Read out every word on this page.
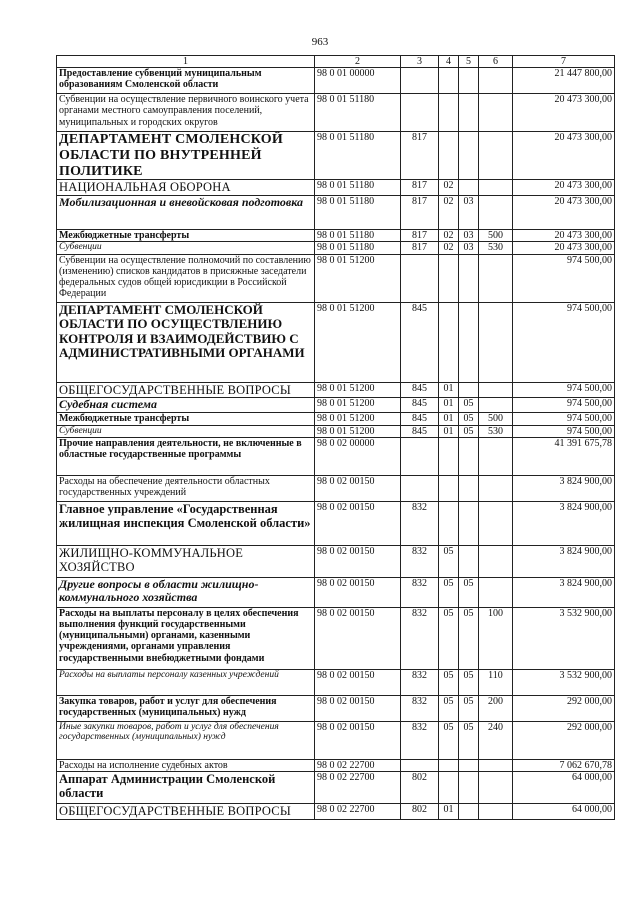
963
1	2	3	4	5	6	7
Предоставление субвенций муниципальным образованиям Смоленской области	98 0 01 00000					21 447 800,00
Субвенции на осуществление первичного воинского учета органами местного самоуправления поселений, муниципальных и городских округов	98 0 01 51180					20 473 300,00
ДЕПАРТАМЕНТ СМОЛЕНСКОЙ ОБЛАСТИ ПО ВНУТРЕННЕЙ ПОЛИТИКЕ	98 0 01 51180	817				20 473 300,00
НАЦИОНАЛЬНАЯ ОБОРОНА	98 0 01 51180	817	02			20 473 300,00
Мобилизационная и вневойсковая подготовка	98 0 01 51180	817	02	03		20 473 300,00
Межбюджетные трансферты	98 0 01 51180	817	02	03	500	20 473 300,00
Субвенции	98 0 01 51180	817	02	03	530	20 473 300,00
Субвенции на осуществление полномочий по составлению (изменению) списков кандидатов в присяжные заседатели федеральных судов общей юрисдикции в Российской Федерации	98 0 01 51200					974 500,00
ДЕПАРТАМЕНТ СМОЛЕНСКОЙ ОБЛАСТИ ПО ОСУЩЕСТВЛЕНИЮ КОНТРОЛЯ И ВЗАИМОДЕЙСТВИЮ С АДМИНИСТРАТИВНЫМИ ОРГАНАМИ	98 0 01 51200	845				974 500,00
ОБЩЕГОСУДАРСТВЕННЫЕ ВОПРОСЫ	98 0 01 51200	845	01			974 500,00
Судебная система	98 0 01 51200	845	01	05		974 500,00
Межбюджетные трансферты	98 0 01 51200	845	01	05	500	974 500,00
Субвенции	98 0 01 51200	845	01	05	530	974 500,00
Прочие направления деятельности, не включенные в областные государственные программы	98 0 02 00000					41 391 675,78
Расходы на обеспечение деятельности областных государственных учреждений	98 0 02 00150					3 824 900,00
Главное управление «Государственная жилищная инспекция Смоленской области»	98 0 02 00150	832				3 824 900,00
ЖИЛИЩНО-КОММУНАЛЬНОЕ ХОЗЯЙСТВО	98 0 02 00150	832	05			3 824 900,00
Другие вопросы в области жилищно-коммунального хозяйства	98 0 02 00150	832	05	05		3 824 900,00
Расходы на выплаты персоналу в целях обеспечения выполнения функций государственными (муниципальными) органами, казенными учреждениями, органами управления государственными внебюджетными фондами	98 0 02 00150	832	05	05	100	3 532 900,00
Расходы на выплаты персоналу казенных учреждений	98 0 02 00150	832	05	05	110	3 532 900,00
Закупка товаров, работ и услуг для обеспечения государственных (муниципальных) нужд	98 0 02 00150	832	05	05	200	292 000,00
Иные закупки товаров, работ и услуг для обеспечения государственных (муниципальных) нужд	98 0 02 00150	832	05	05	240	292 000,00
Расходы на исполнение судебных актов	98 0 02 22700					7 062 670,78
Аппарат Администрации Смоленской области	98 0 02 22700	802				64 000,00
ОБЩЕГОСУДАРСТВЕННЫЕ ВОПРОСЫ	98 0 02 22700	802	01			64 000,00
